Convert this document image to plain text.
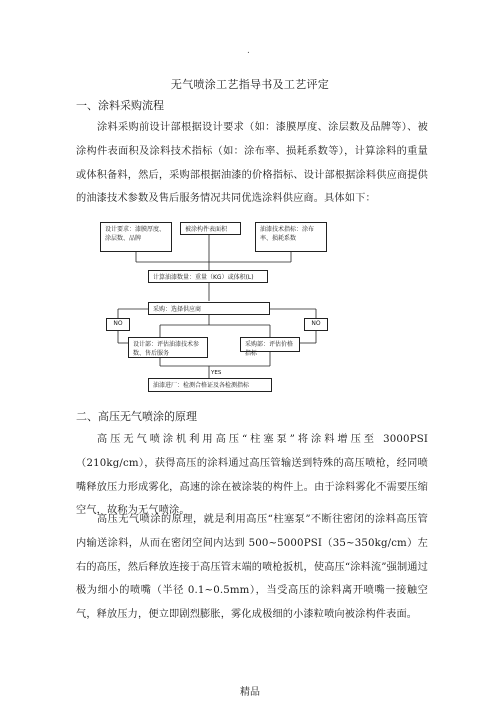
.
无气喷涂工艺指导书及工艺评定
一、涂料采购流程
涂料采购前设计部根据设计要求（如：漆膜厚度、涂层数及品牌等）、被涂构件表面积及涂料技术指标（如：涂布率、损耗系数等），计算涂料的重量或体积备料，然后，采购部根据油漆的价格指标、设计部根据涂料供应商提供的油漆技术参数及售后服务情况共同优选涂料供应商。具体如下：
设计要求：漆膜厚度、涂层数、品牌
被涂构件表面积	油漆技术指标：涂布率、损耗系数
计算油漆数量：重量（KG）或体积(L)
采购：选择供应商
NO	NO
设计部：评估油漆技术参数、售后服务
采购部：评估价格指标
YES
油漆进厂：检测合格证及各检测指标
二、高压无气喷涂的原理
高压无气喷涂机利用高压“柱塞泵”将涂料增压至 3000PSI（210kg/cm），获得高压的涂料通过高压管输送到特殊的高压喷枪，经同喷嘴释放压力形成雾化，高速的涂在被涂装的构件上。由于涂料雾化不需要压缩空气，故称为无气喷涂。
高压无气喷涂的原理，就是利用高压“柱塞泵”不断往密闭的涂料高压管内输送涂料，从而在密闭空间内达到 500~5000PSI（35~350kg/cm）左右的高压，然后释放连接于高压管末端的喷枪扳机，使高压“涂料流”强制通过极为细小的喷嘴（半径 0.1~0.5mm），当受高压的涂料离开喷嘴一接触空气，释放压力，便立即剧烈膨胀，雾化成极细的小漆粒喷向被涂构件表面。
精品
